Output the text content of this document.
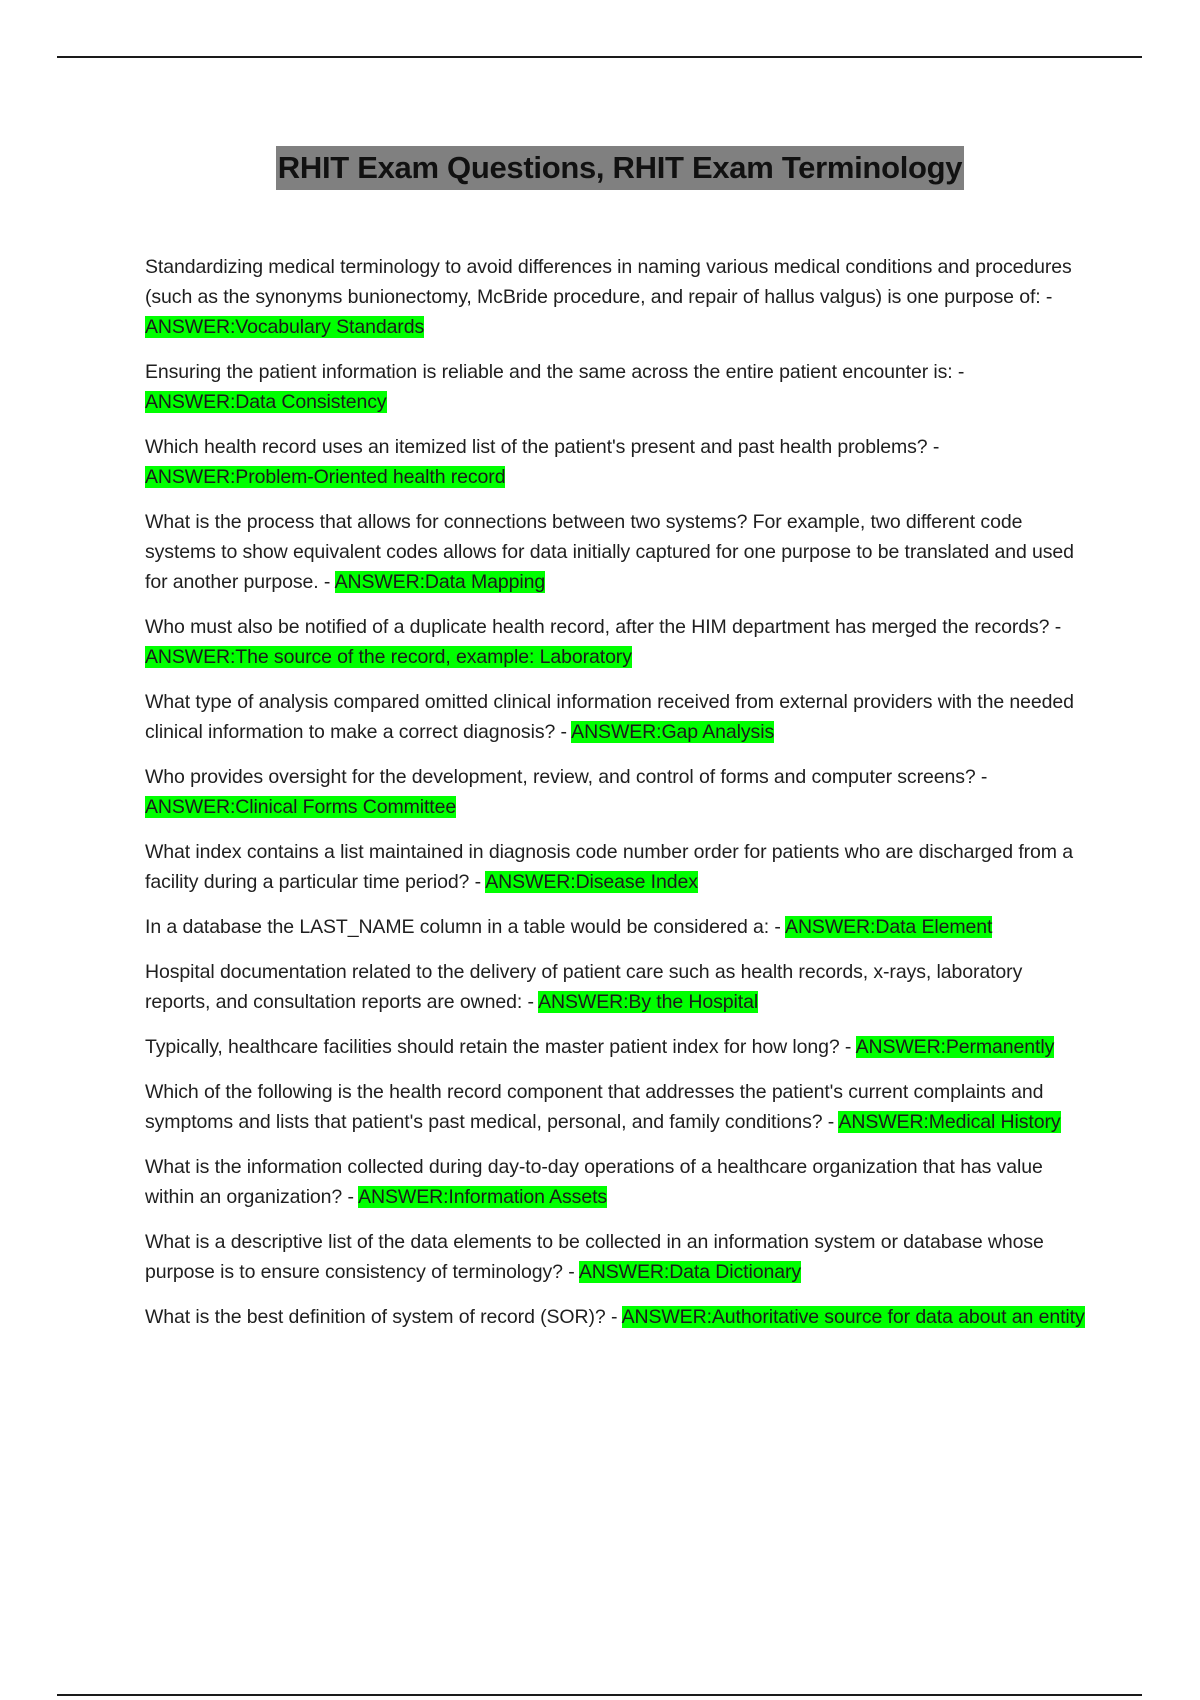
RHIT Exam Questions, RHIT Exam Terminology

Standardizing medical terminology to avoid differences in naming various medical conditions and procedures (such as the synonyms bunionectomy, McBride procedure, and repair of hallus valgus) is one purpose of: - ANSWER:Vocabulary Standards

Ensuring the patient information is reliable and the same across the entire patient encounter is: - ANSWER:Data Consistency

Which health record uses an itemized list of the patient's present and past health problems? - ANSWER:Problem-Oriented health record

What is the process that allows for connections between two systems? For example, two different code systems to show equivalent codes allows for data initially captured for one purpose to be translated and used for another purpose. - ANSWER:Data Mapping

Who must also be notified of a duplicate health record, after the HIM department has merged the records? - ANSWER:The source of the record, example: Laboratory

What type of analysis compared omitted clinical information received from external providers with the needed clinical information to make a correct diagnosis? - ANSWER:Gap Analysis

Who provides oversight for the development, review, and control of forms and computer screens? - ANSWER:Clinical Forms Committee

What index contains a list maintained in diagnosis code number order for patients who are discharged from a facility during a particular time period? - ANSWER:Disease Index

In a database the LAST_NAME column in a table would be considered a: - ANSWER:Data Element

Hospital documentation related to the delivery of patient care such as health records, x-rays, laboratory reports, and consultation reports are owned: - ANSWER:By the Hospital

Typically, healthcare facilities should retain the master patient index for how long? - ANSWER:Permanently

Which of the following is the health record component that addresses the patient's current complaints and symptoms and lists that patient's past medical, personal, and family conditions? - ANSWER:Medical History

What is the information collected during day-to-day operations of a healthcare organization that has value within an organization? - ANSWER:Information Assets

What is a descriptive list of the data elements to be collected in an information system or database whose purpose is to ensure consistency of terminology? - ANSWER:Data Dictionary

What is the best definition of system of record (SOR)? - ANSWER:Authoritative source for data about an entity
